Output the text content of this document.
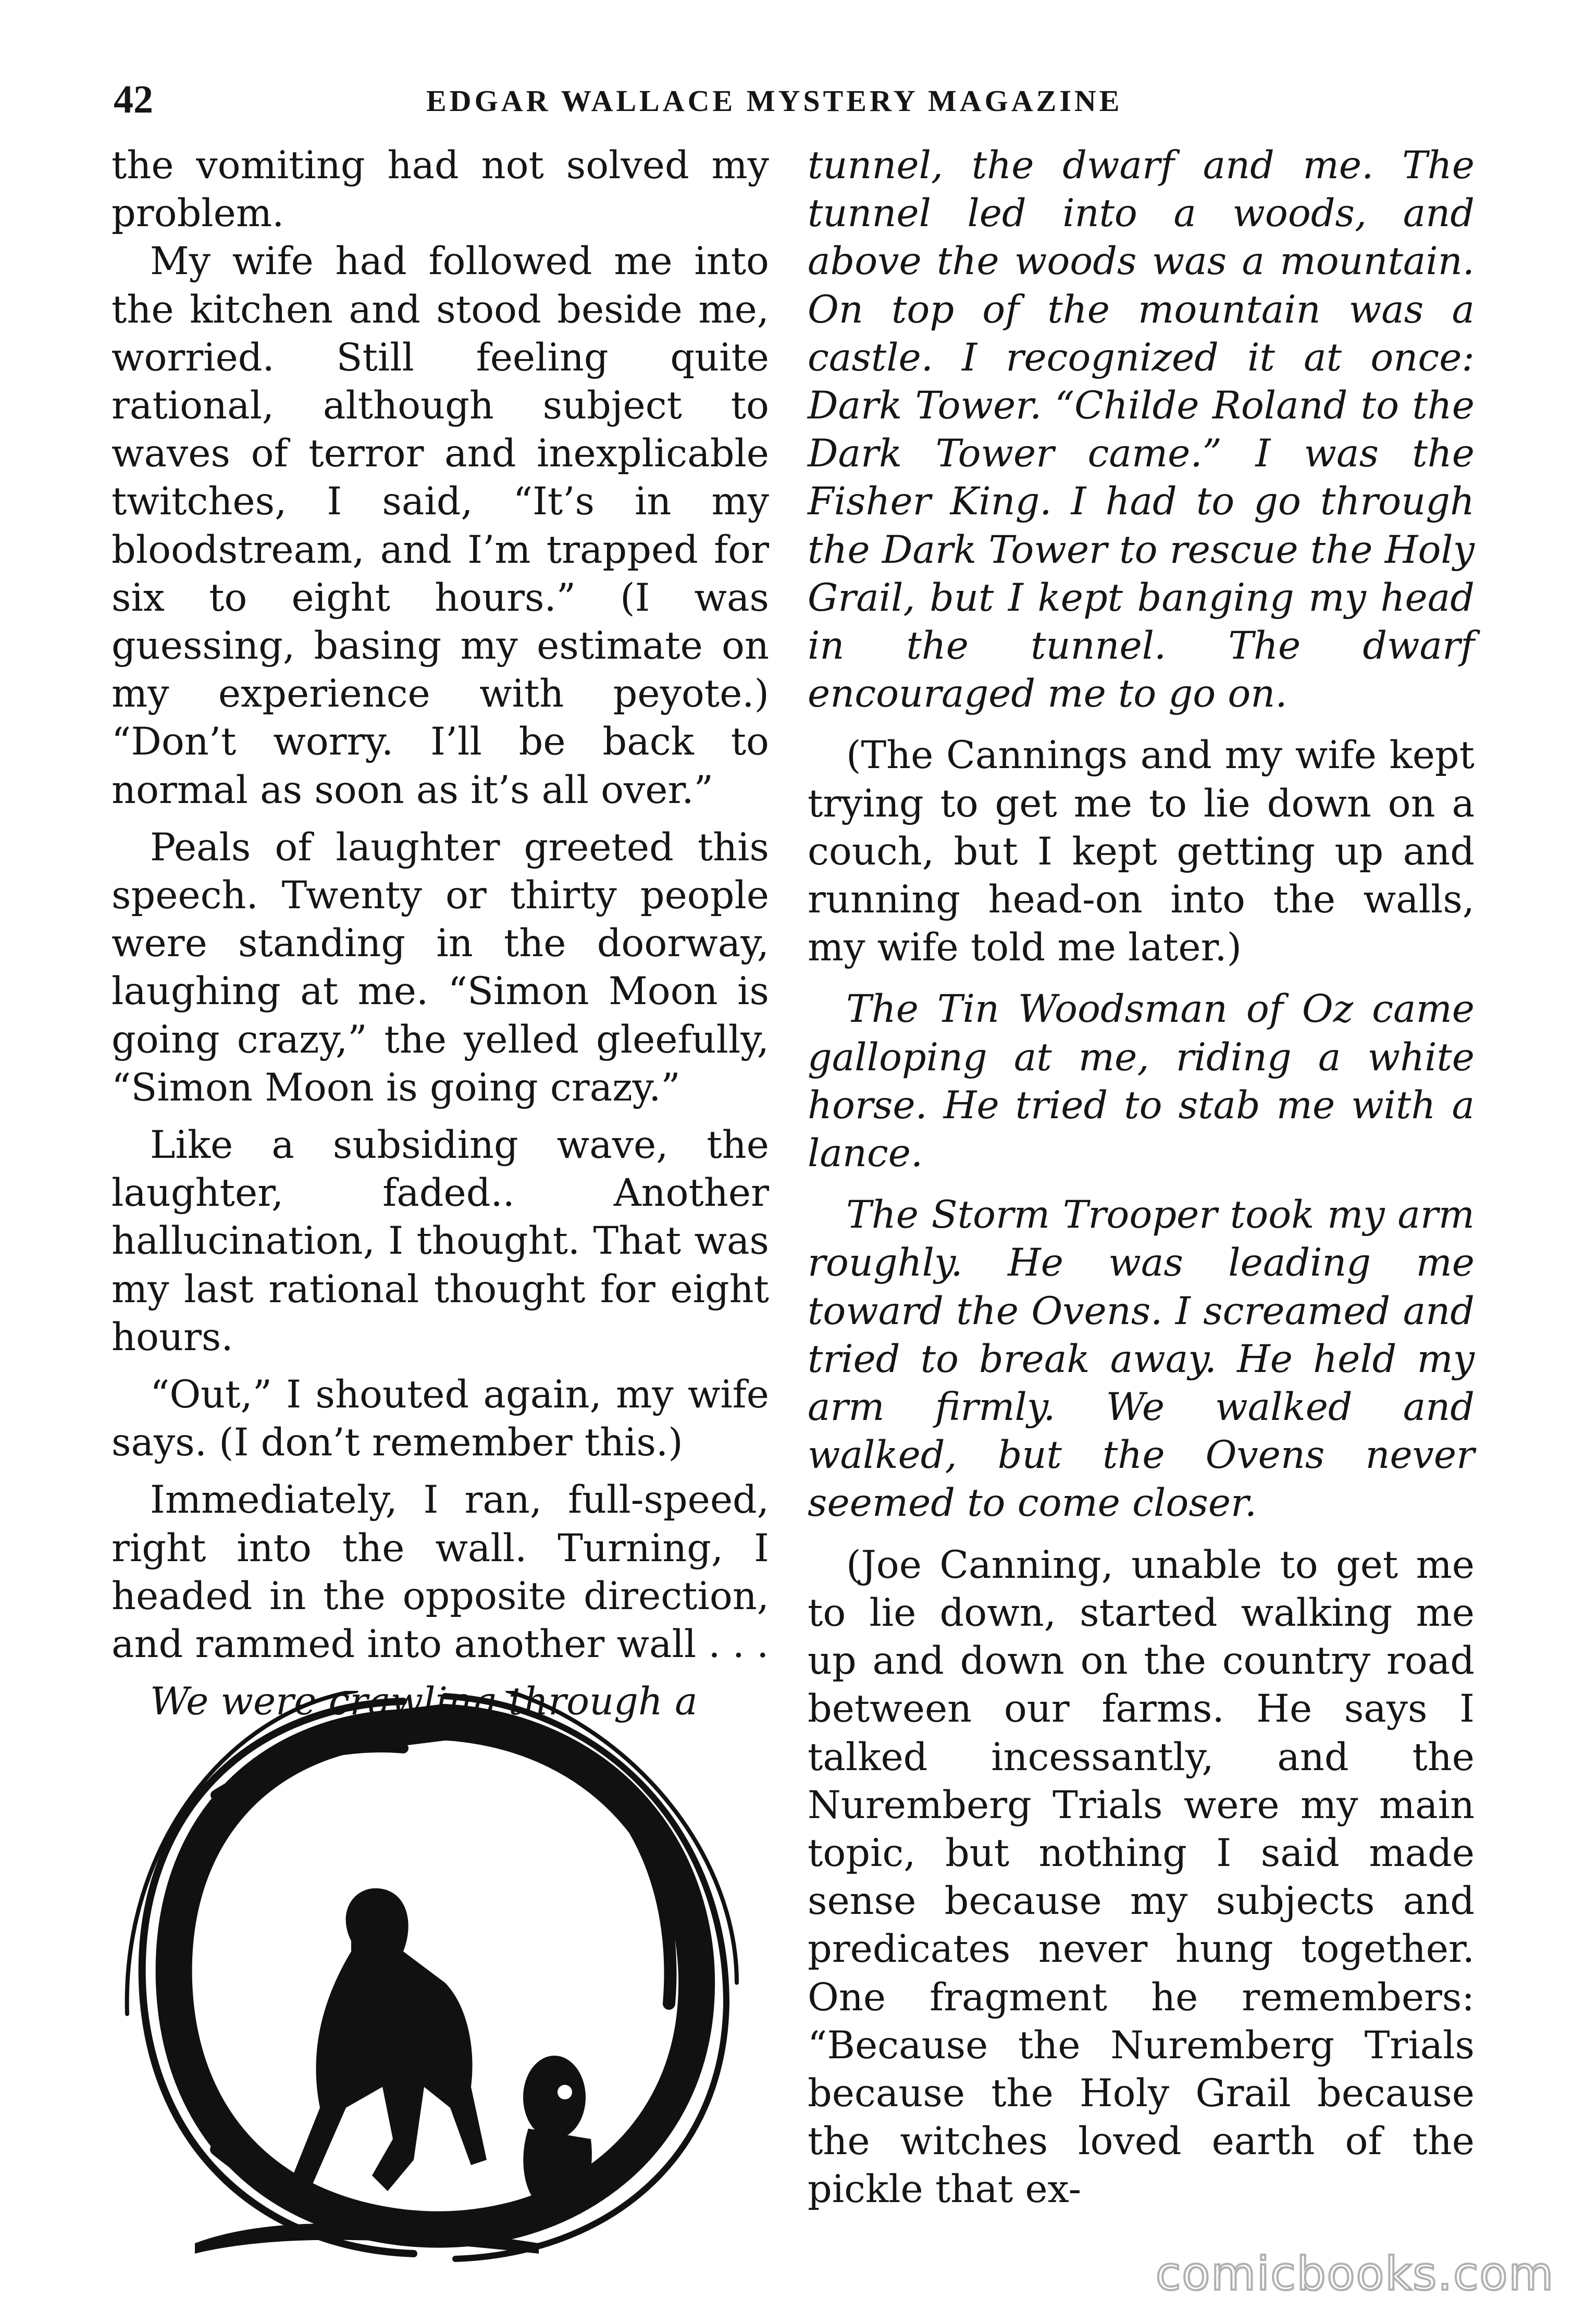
42	EDGAR WALLACE MYSTERY MAGAZINE

the vomiting had not solved my problem.

My wife had followed me into the kitchen and stood beside me, worried. Still feeling quite rational, although subject to waves of terror and inexplicable twitches, I said, “It’s in my bloodstream, and I’m trapped for six to eight hours.” (I was guessing, basing my estimate on my experience with peyote.) “Don’t worry. I’ll be back to normal as soon as it’s all over.”

Peals of laughter greeted this speech. Twenty or thirty people were standing in the doorway, laughing at me. “Simon Moon is going crazy,” the yelled gleefully, “Simon Moon is going crazy.”

Like a subsiding wave, the laughter, faded.. Another hallucination, I thought. That was my last rational thought for eight hours.

“Out,” I shouted again, my wife says. (I don’t remember this.)

Immediately, I ran, full-speed, right into the wall. Turning, I headed in the opposite direction, and rammed into another wall . . .

We were crawling through a

tunnel, the dwarf and me. The tunnel led into a woods, and above the woods was a mountain. On top of the mountain was a castle. I recognized it at once: Dark Tower. “Childe Roland to the Dark Tower came.” I was the Fisher King. I had to go through the Dark Tower to rescue the Holy Grail, but I kept banging my head in the tunnel. The dwarf encouraged me to go on.

(The Cannings and my wife kept trying to get me to lie down on a couch, but I kept getting up and running head-on into the walls, my wife told me later.)

The Tin Woodsman of Oz came galloping at me, riding a white horse. He tried to stab me with a lance.

The Storm Trooper took my arm roughly. He was leading me toward the Ovens. I screamed and tried to break away. He held my arm firmly. We walked and walked, but the Ovens never seemed to come closer.

(Joe Canning, unable to get me to lie down, started walking me up and down on the country road between our farms. He says I talked incessantly, and the Nuremberg Trials were my main topic, but nothing I said made sense because my subjects and predicates never hung together. One fragment he remembers: “Because the Nuremberg Trials because the Holy Grail because the witches loved earth of the pickle that ex-

comicbooks.com
